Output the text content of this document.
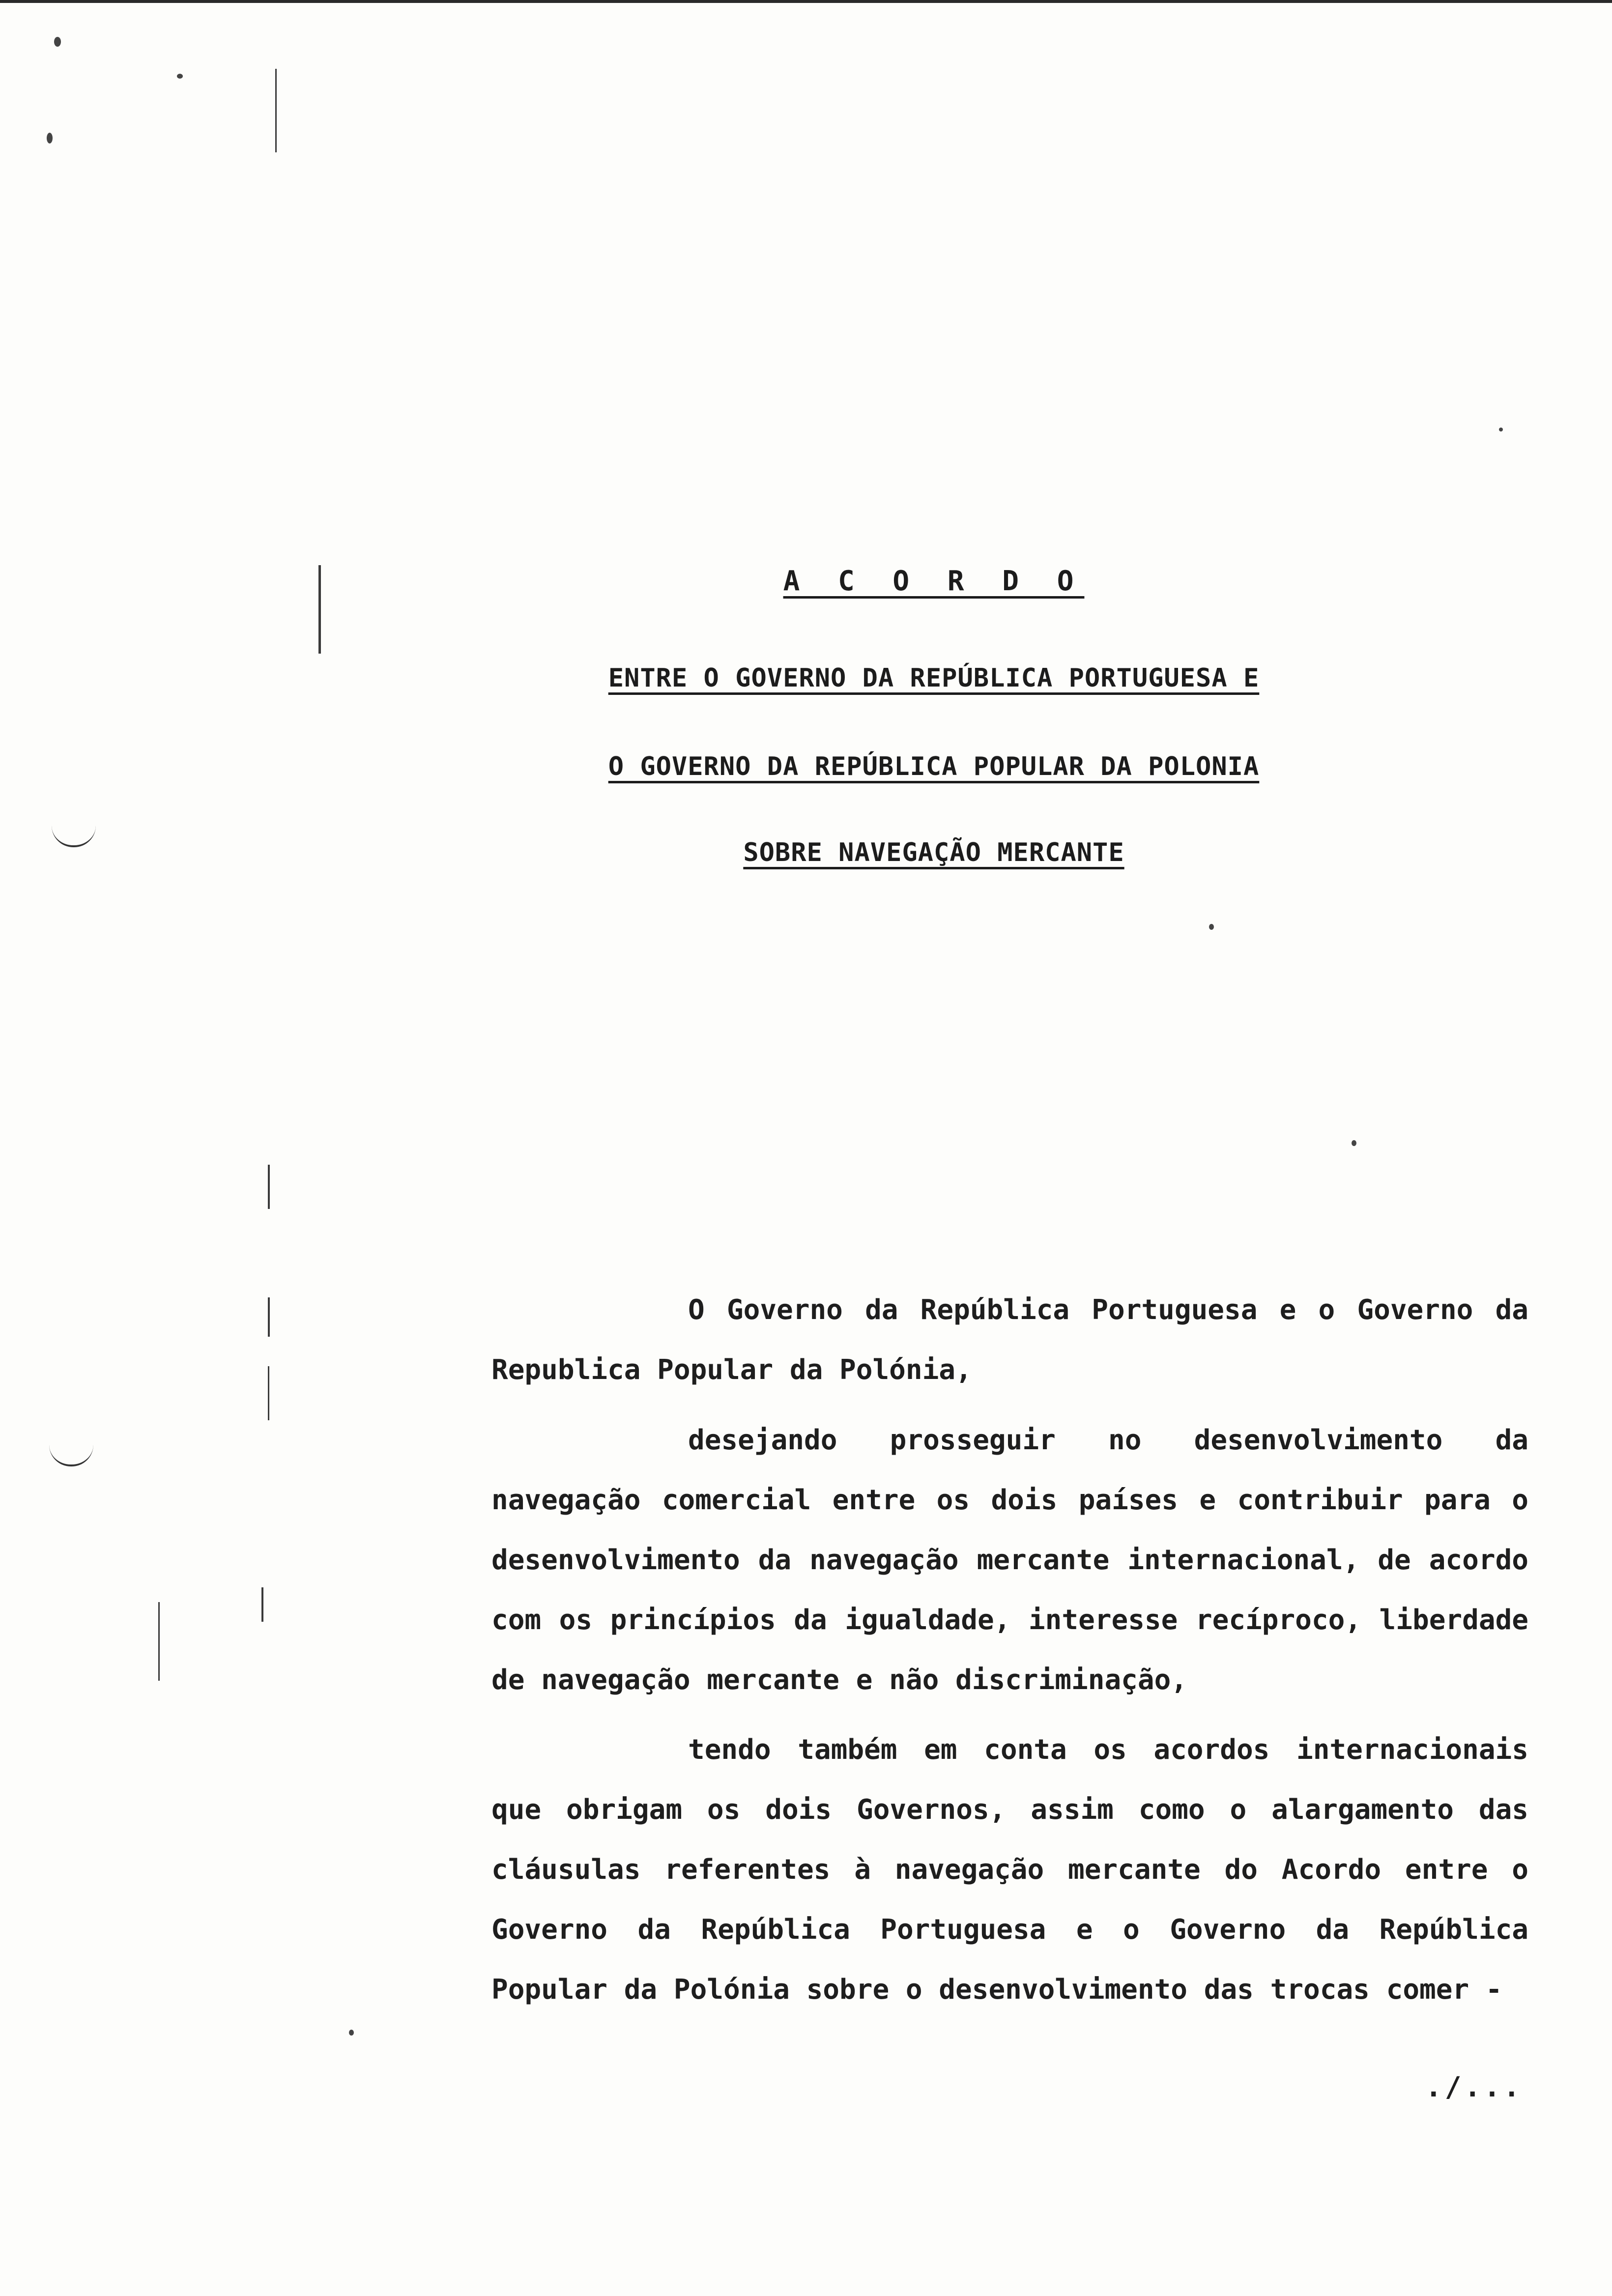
A C O R D O
ENTRE O GOVERNO DA REPÚBLICA PORTUGUESA E
O GOVERNO DA REPÚBLICA POPULAR DA POLONIA
SOBRE NAVEGAÇÃO MERCANTE

O Governo da República Portuguesa e o Governo da Republica Popular da Polónia,

desejando prosseguir no desenvolvimento da navegação comercial entre os dois países e contribuir para o desenvolvimento da navegação mercante internacional, de acordo com os princípios da igualdade, interesse recíproco, liberdade de navegação mercante e não discriminação,

tendo também em conta os acordos internacionais que obrigam os dois Governos, assim como o alargamento das cláusulas referentes à navegação mercante do Acordo entre o Governo da República Portuguesa e o Governo da República Popular da Polónia sobre o desenvolvimento das trocas comer -

./...
